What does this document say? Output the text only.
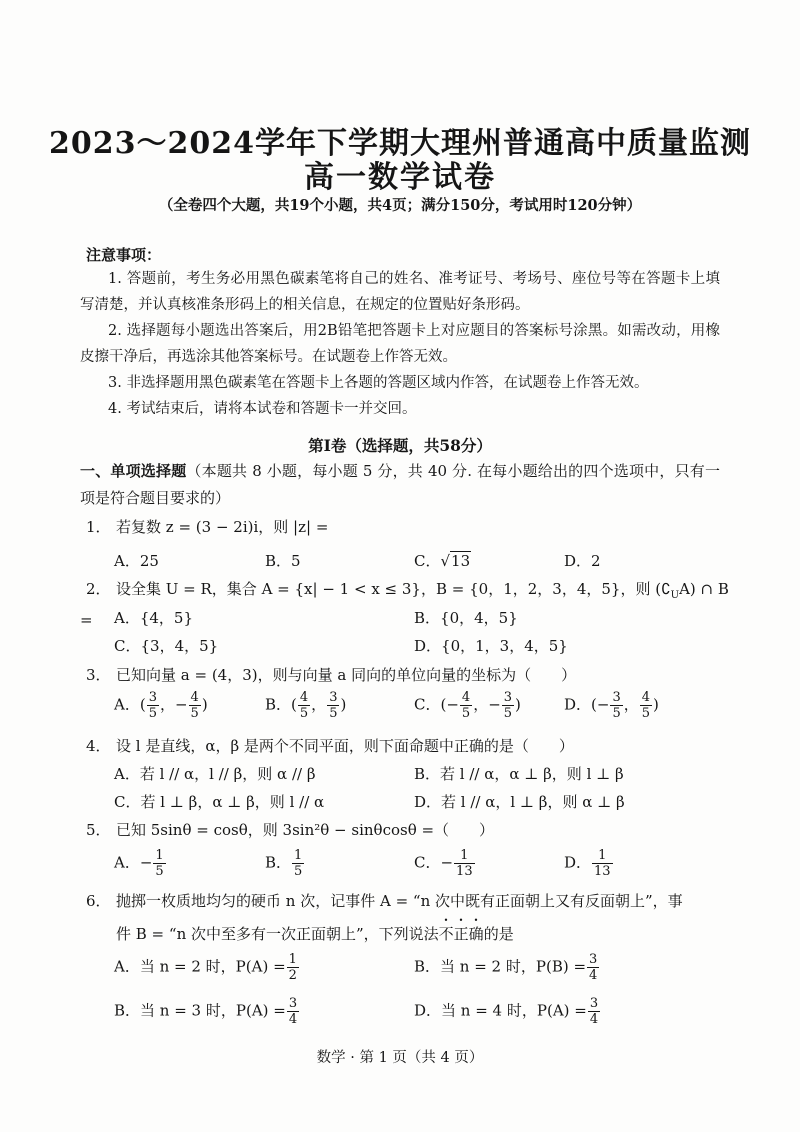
2023～2024学年下学期大理州普通高中质量监测
高一数学试卷
（全卷四个大题，共19个小题，共4页；满分150分，考试用时120分钟）
注意事项：
1. 答题前，考生务必用黑色碳素笔将自己的姓名、准考证号、考场号、座位号等在答题卡上填写清楚，并认真核准条形码上的相关信息，在规定的位置贴好条形码。
2. 选择题每小题选出答案后，用2B铅笔把答题卡上对应题目的答案标号涂黑。如需改动，用橡皮擦干净后，再选涂其他答案标号。在试题卷上作答无效。
3. 非选择题用黑色碳素笔在答题卡上各题的答题区域内作答，在试题卷上作答无效。
4. 考试结束后，请将本试卷和答题卡一并交回。
第Ⅰ卷（选择题，共58分）
一、单项选择题（本题共 8 小题，每小题 5 分，共 40 分. 在每小题给出的四个选项中，只有一项是符合题目要求的）
1． 若复数 z = (3 − 2i)i，则 |z| =
A．25	B．5	C．√13	D．2
2． 设全集 U = R，集合 A = {x| − 1 < x ≤ 3}，B = {0，1，2，3，4，5}，则 $(∁_UA)$ ∩ B =	A．{4，5}	B．{0，4，5}
C．{3，4，5}	D．{0，1，3，4，5}
3． 已知向量 a = (4，3)，则与向量 a 同向的单位向量的坐标为（　　）
A．( $\frac{3}{5}$ ，− $\frac{4}{5}$ )	B．( $\frac{4}{5}$ ， $\frac{3}{5}$ )	C．(− $\frac{4}{5}$ ，− $\frac{3}{5}$ )	D．(− $\frac{3}{5}$ ， $\frac{4}{5}$ )
4． 设 l 是直线，α，β 是两个不同平面，则下面命题中正确的是（　　）
A．若 l // α，l // β，则 α // β	B．若 l // α，α ⊥ β，则 l ⊥ β
C．若 l ⊥ β，α ⊥ β，则 l // α	D．若 l // α，l ⊥ β，则 α ⊥ β
5． 已知 5sinθ = cosθ，则 3sin²θ − sinθcosθ =（　　）
A．− $\frac{1}{5}$	B． $\frac{1}{5}$	C．− $\frac{1}{13}$	D． $\frac{1}{13}$
6． 抛掷一枚质地均匀的硬币 n 次，记事件 A = “n 次中既有正面朝上又有反面朝上”，事
件 B = “n 次中至多有一次正面朝上”，下列说法不正确的是
A．当 n = 2 时，$P(A) = \frac{1}{2}$	B．当 n = 2 时，$P(B) = \frac{3}{4}$
B．当 n = 3 时，$P(A) = \frac{3}{4}$	D．当 n = 4 时，$P(A) = \frac{3}{4}$
数学 · 第 1 页（共 4 页）
